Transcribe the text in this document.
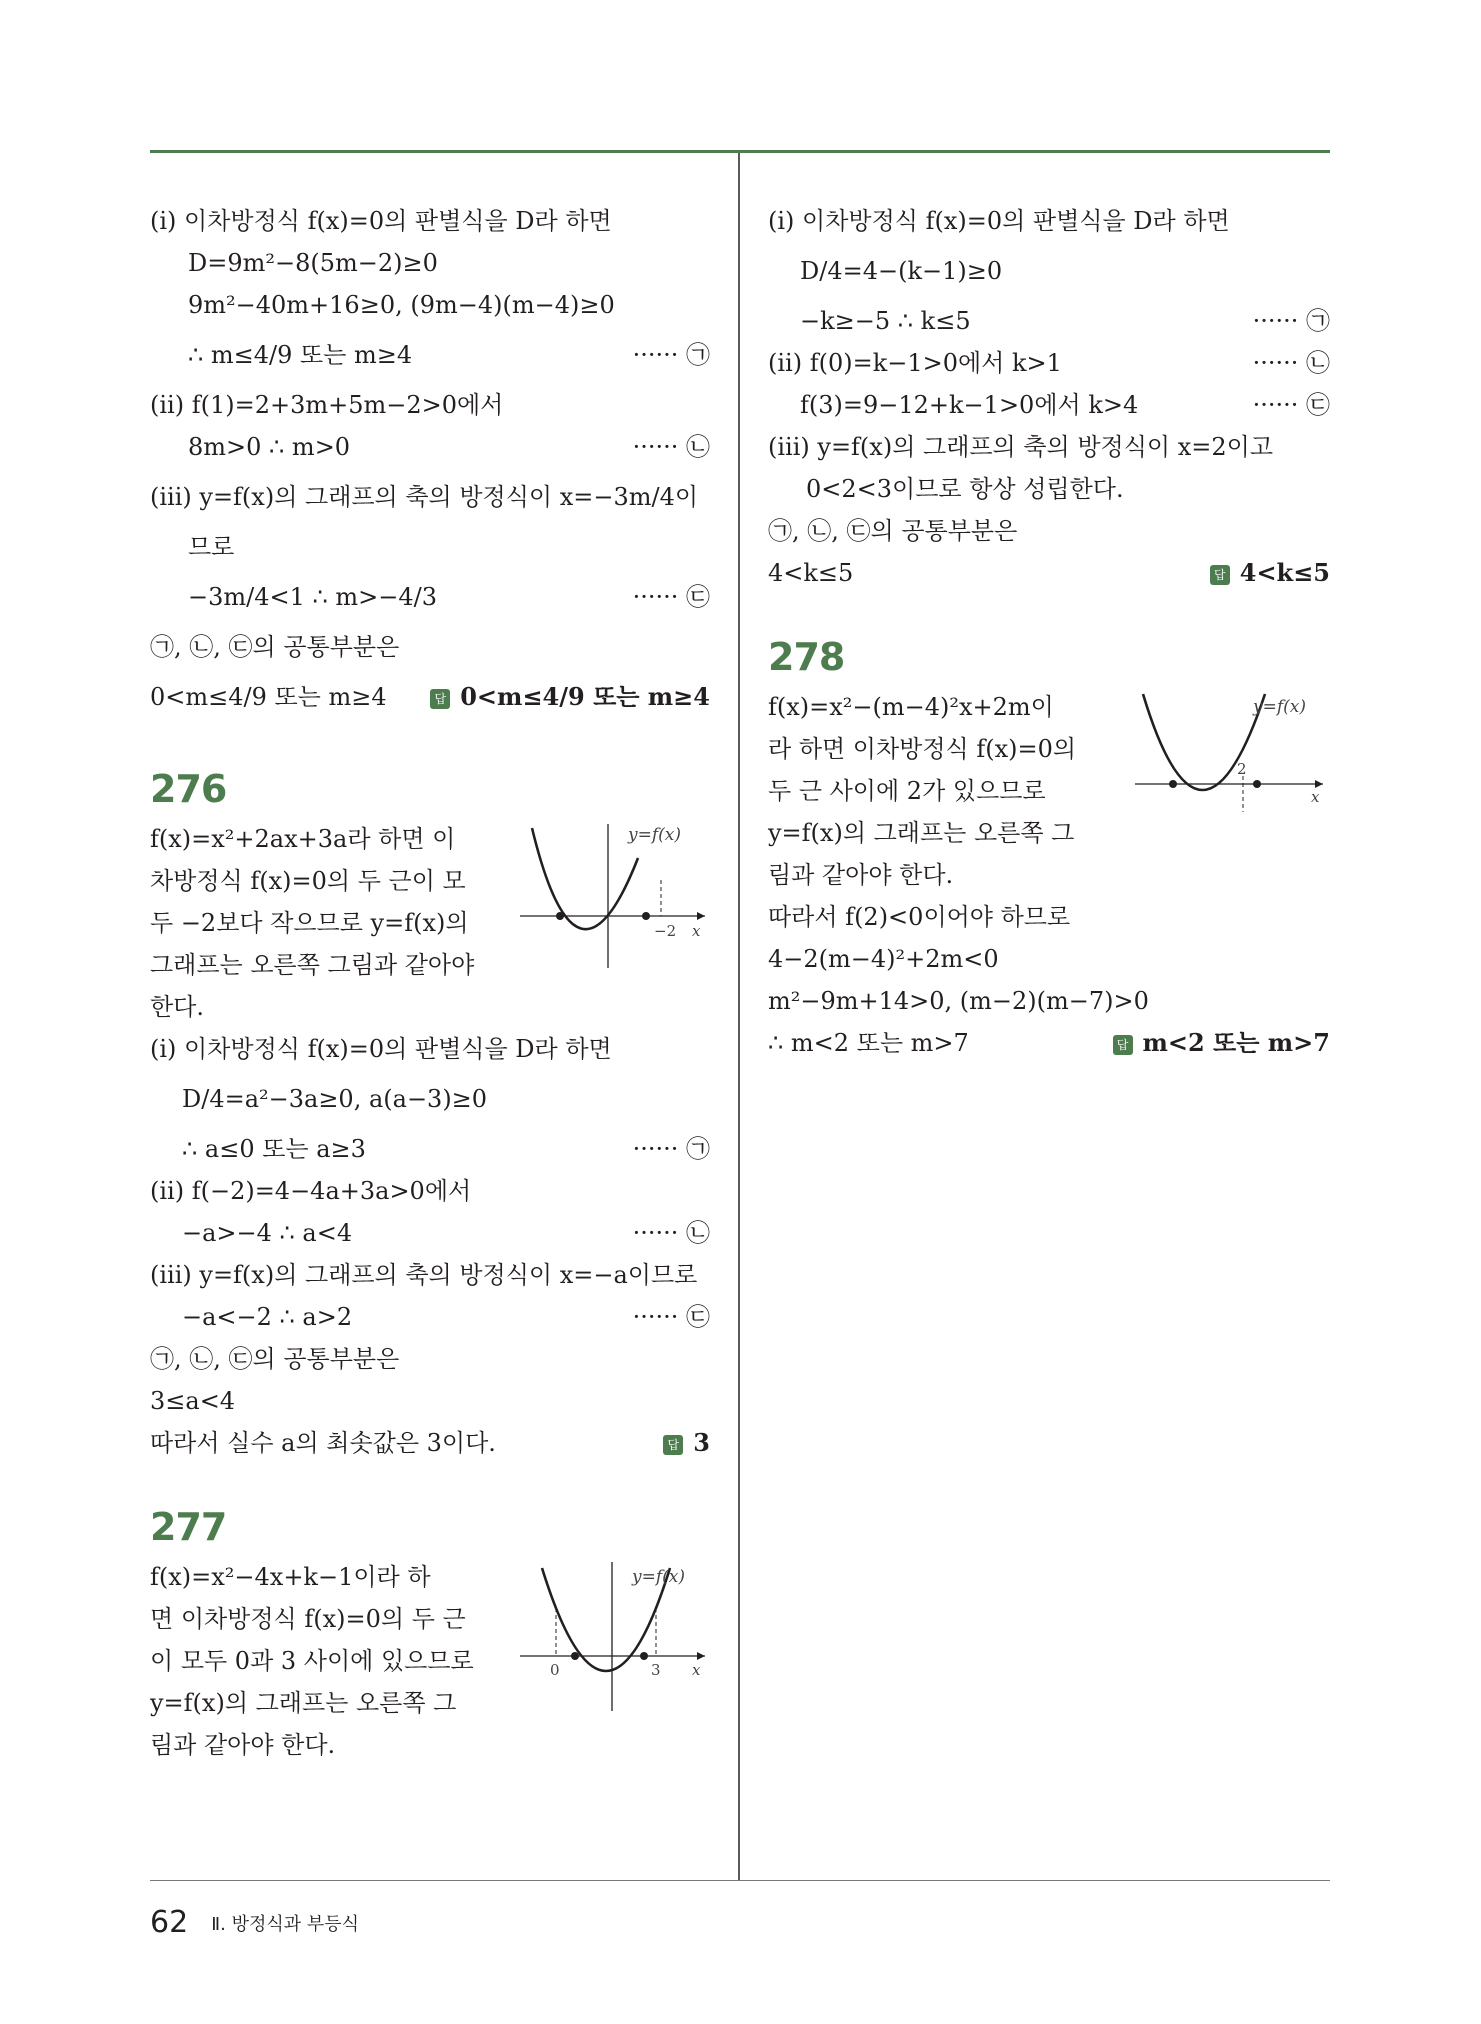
(ⅰ) 이차방정식 f(x)=0의 판별식을 D라 하면
D=9m²−8(5m−2)≥0
9m²−40m+16≥0, (9m−4)(m−4)≥0
∴ m≤4/9 또는 m≥4	······ ㉠
(ⅱ) f(1)=2+3m+5m−2>0에서
8m>0 ∴ m>0	······ ㉡
(ⅲ) y=f(x)의 그래프의 축의 방정식이 x=−3m/4이
므로
−3m/4<1 ∴ m>−4/3	······ ㉢
㉠, ㉡, ㉢의 공통부분은
0<m≤4/9 또는 m≥4	답 0<m≤4/9 또는 m≥4
276
f(x)=x²+2ax+3a라 하면 이
차방정식 f(x)=0의 두 근이 모
두 −2보다 작으므로 y=f(x)의
그래프는 오른쪽 그림과 같아야
한다.
y=f(x)
−2 x
(ⅰ) 이차방정식 f(x)=0의 판별식을 D라 하면
D/4=a²−3a≥0, a(a−3)≥0
∴ a≤0 또는 a≥3	······ ㉠
(ⅱ) f(−2)=4−4a+3a>0에서
−a>−4 ∴ a<4	······ ㉡
(ⅲ) y=f(x)의 그래프의 축의 방정식이 x=−a이므로
−a<−2 ∴ a>2	······ ㉢
㉠, ㉡, ㉢의 공통부분은
3≤a<4
따라서 실수 a의 최솟값은 3이다.	답 3
277
f(x)=x²−4x+k−1이라 하
면 이차방정식 f(x)=0의 두 근
이 모두 0과 3 사이에 있으므로
y=f(x)의 그래프는 오른쪽 그
림과 같아야 한다.
y=f(x)
0	3 x
(ⅰ) 이차방정식 f(x)=0의 판별식을 D라 하면
D/4=4−(k−1)≥0
−k≥−5 ∴ k≤5	······ ㉠
(ⅱ) f(0)=k−1>0에서 k>1	······ ㉡
f(3)=9−12+k−1>0에서 k>4	······ ㉢
(ⅲ) y=f(x)의 그래프의 축의 방정식이 x=2이고
0<2<3이므로 항상 성립한다.
㉠, ㉡, ㉢의 공통부분은
4<k≤5	답 4<k≤5
278
f(x)=x²−(m−4)²x+2m이
라 하면 이차방정식 f(x)=0의
두 근 사이에 2가 있으므로
y=f(x)의 그래프는 오른쪽 그
림과 같아야 한다.
y=f(x)
2
x
따라서 f(2)<0이어야 하므로
4−2(m−4)²+2m<0
m²−9m+14>0, (m−2)(m−7)>0
∴ m<2 또는 m>7	답 m<2 또는 m>7
62 Ⅱ. 방정식과 부등식
